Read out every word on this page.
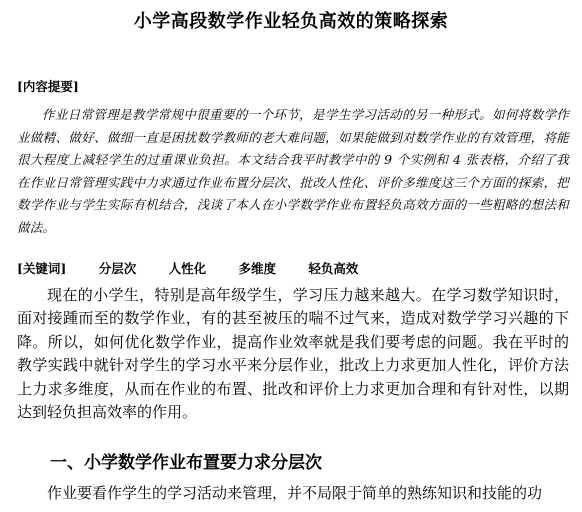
小学高段数学作业轻负高效的策略探索
[内容提要]
作业日常管理是教学常规中很重要的一个环节，是学生学习活动的另一种形式。如何将数学作业做精、做好、做细一直是困扰数学教师的老大难问题，如果能做到对数学作业的有效管理，将能很大程度上减轻学生的过重课业负担。本文结合我平时教学中的 9 个实例和 4 张表格，介绍了我在作业日常管理实践中力求通过作业布置分层次、批改人性化、评价多维度这三个方面的探索，把数学作业与学生实际有机结合，浅谈了本人在小学数学作业布置轻负高效方面的一些粗略的想法和做法。
[关键词]	分层次	人性化	多维度	轻负高效
现在的小学生，特别是高年级学生，学习压力越来越大。在学习数学知识时，面对接踵而至的数学作业，有的甚至被压的喘不过气来，造成对数学学习兴趣的下降。所以，如何优化数学作业，提高作业效率就是我们要考虑的问题。我在平时的教学实践中就针对学生的学习水平来分层作业，批改上力求更加人性化，评价方法上力求多维度，从而在作业的布置、批改和评价上力求更加合理和有针对性，以期达到轻负担高效率的作用。
一、小学数学作业布置要力求分层次
作业要看作学生的学习活动来管理，并不局限于简单的熟练知识和技能的功
